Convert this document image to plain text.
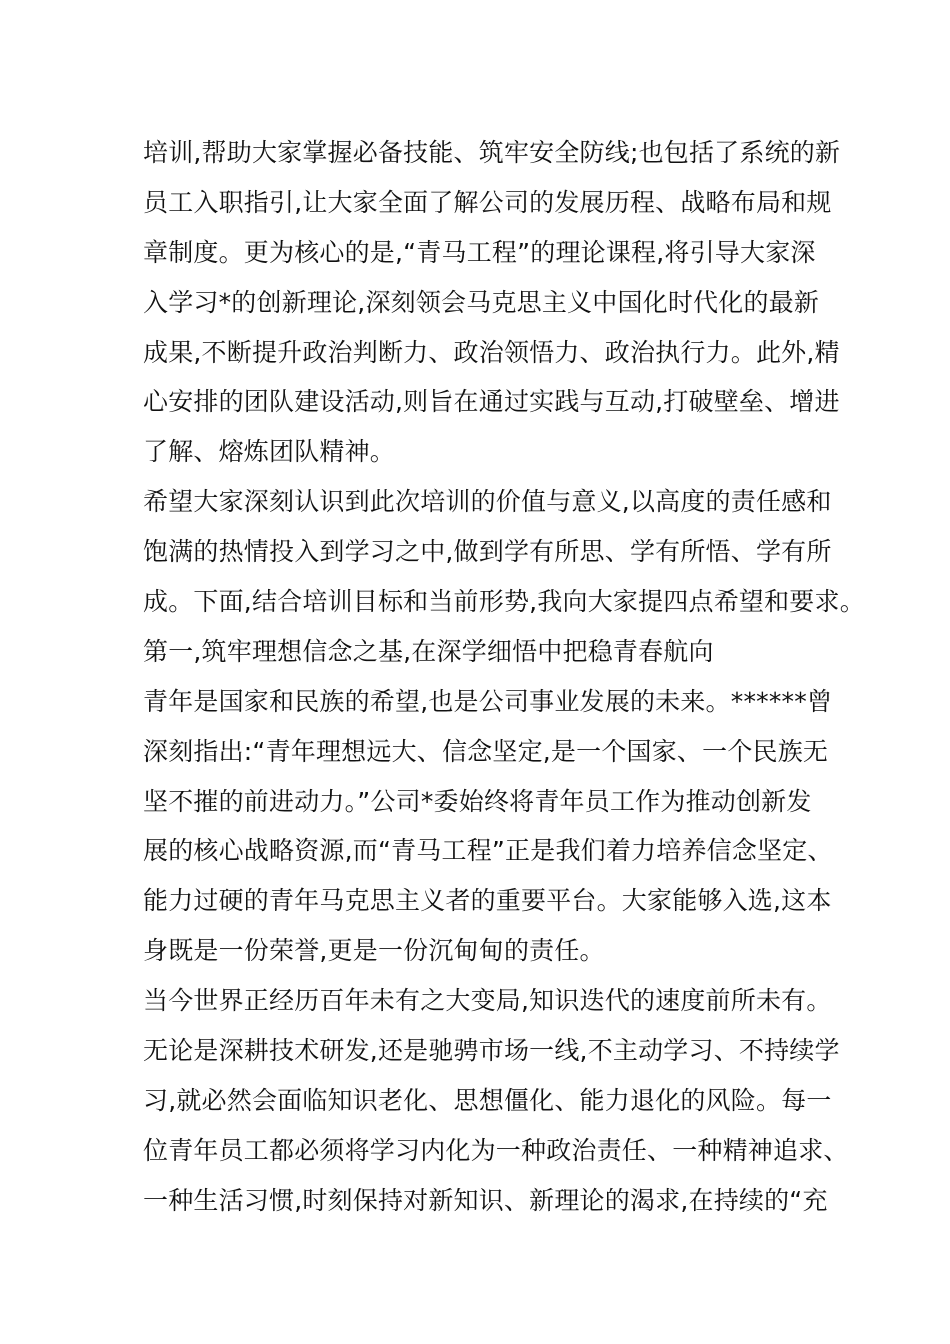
培训,帮助大家掌握必备技能、筑牢安全防线;也包括了系统的新
员工入职指引,让大家全面了解公司的发展历程、战略布局和规
章制度。更为核心的是,“青马工程”的理论课程,将引导大家深
入学习*的创新理论,深刻领会马克思主义中国化时代化的最新
成果,不断提升政治判断力、政治领悟力、政治执行力。此外,精
心安排的团队建设活动,则旨在通过实践与互动,打破壁垒、增进
了解、熔炼团队精神。
希望大家深刻认识到此次培训的价值与意义,以高度的责任感和
饱满的热情投入到学习之中,做到学有所思、学有所悟、学有所
成。下面,结合培训目标和当前形势,我向大家提四点希望和要求。
第一,筑牢理想信念之基,在深学细悟中把稳青春航向
青年是国家和民族的希望,也是公司事业发展的未来。******曾
深刻指出:“青年理想远大、信念坚定,是一个国家、一个民族无
坚不摧的前进动力。”公司*委始终将青年员工作为推动创新发
展的核心战略资源,而“青马工程”正是我们着力培养信念坚定、
能力过硬的青年马克思主义者的重要平台。大家能够入选,这本
身既是一份荣誉,更是一份沉甸甸的责任。
当今世界正经历百年未有之大变局,知识迭代的速度前所未有。
无论是深耕技术研发,还是驰骋市场一线,不主动学习、不持续学
习,就必然会面临知识老化、思想僵化、能力退化的风险。每一
位青年员工都必须将学习内化为一种政治责任、一种精神追求、
一种生活习惯,时刻保持对新知识、新理论的渴求,在持续的“充
